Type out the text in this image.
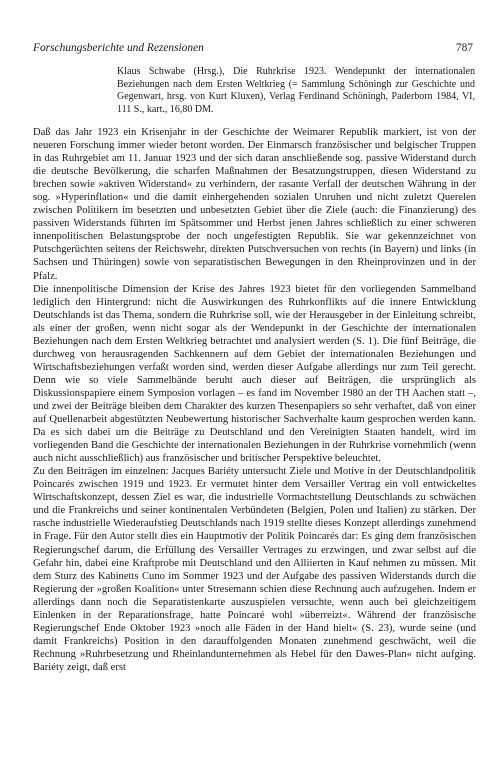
Forschungsberichte und Rezensionen	787
Klaus Schwabe (Hrsg.), Die Ruhrkrise 1923. Wendepunkt der internationalen Beziehungen nach dem Ersten Weltkrieg (= Sammlung Schöningh zur Geschichte und Gegenwart, hrsg. von Kurt Kluxen), Verlag Ferdinand Schöningh, Paderborn 1984, VI, 111 S., kart., 16,80 DM.

Daß das Jahr 1923 ein Krisenjahr in der Geschichte der Weimarer Republik markiert, ist von der neueren Forschung immer wieder betont worden. Der Einmarsch französischer und belgischer Truppen in das Ruhrgebiet am 11. Januar 1923 und der sich daran anschließende sog. passive Widerstand durch die deutsche Bevölkerung, die scharfen Maßnahmen der Besatzungstruppen, diesen Widerstand zu brechen sowie »aktiven Widerstand« zu verhindern, der rasante Verfall der deutschen Währung in der sog. »Hyperinflation« und die damit einhergehenden sozialen Unruhen und nicht zuletzt Querelen zwischen Politikern im besetzten und unbesetzten Gebiet über die Ziele (auch: die Finanzierung) des passiven Widerstands führten im Spätsommer und Herbst jenen Jahres schließlich zu einer schweren innenpolitischen Belastungsprobe der noch ungefestigten Republik. Sie war gekennzeichnet von Putschgerüchten seitens der Reichswehr, direkten Putschversuchen von rechts (in Bayern) und links (in Sachsen und Thüringen) sowie von separatistischen Bewegungen in den Rheinprovinzen und in der Pfalz.

Die innenpolitische Dimension der Krise des Jahres 1923 bietet für den vorliegenden Sammelband lediglich den Hintergrund: nicht die Auswirkungen des Ruhrkonflikts auf die innere Entwicklung Deutschlands ist das Thema, sondern die Ruhrkrise soll, wie der Herausgeber in der Einleitung schreibt, als einer der großen, wenn nicht sogar als der Wendepunkt in der Geschichte der internationalen Beziehungen nach dem Ersten Weltkrieg betrachtet und analysiert werden (S. 1). Die fünf Beiträge, die durchweg von herausragenden Sachkennern auf dem Gebiet der internationalen Beziehungen und Wirtschaftsbeziehungen verfaßt worden sind, werden dieser Aufgabe allerdings nur zum Teil gerecht. Denn wie so viele Sammelbände beruht auch dieser auf Beiträgen, die ursprünglich als Diskussionspapiere einem Symposion vorlagen – es fand im November 1980 an der TH Aachen statt –, und zwei der Beiträge bleiben dem Charakter des kurzen Thesenpapiers so sehr verhaftet, daß von einer auf Quellenarbeit abgestützten Neubewertung historischer Sachverhalte kaum gesprochen werden kann. Da es sich dabei um die Beiträge zu Deutschland und den Vereinigten Staaten handelt, wird im vorliegenden Band die Geschichte der internationalen Beziehungen in der Ruhrkrise vornehmlich (wenn auch nicht ausschließlich) aus französischer und britischer Perspektive beleuchtet.

Zu den Beiträgen im einzelnen: Jacques Bariéty untersucht Ziele und Motive in der Deutschlandpolitik Poincarés zwischen 1919 und 1923. Er vermutet hinter dem Versailler Vertrag ein voll entwickeltes Wirtschaftskonzept, dessen Ziel es war, die industrielle Vormachtstellung Deutschlands zu schwächen und die Frankreichs und seiner kontinentalen Verbündeten (Belgien, Polen und Italien) zu stärken. Der rasche industrielle Wiederaufstieg Deutschlands nach 1919 stellte dieses Konzept allerdings zunehmend in Frage. Für den Autor stellt dies ein Hauptmotiv der Politik Poincarés dar: Es ging dem französischen Regierungschef darum, die Erfüllung des Versailler Vertrages zu erzwingen, und zwar selbst auf die Gefahr hin, dabei eine Kraftprobe mit Deutschland und den Alliierten in Kauf nehmen zu müssen. Mit dem Sturz des Kabinetts Cuno im Sommer 1923 und der Aufgabe des passiven Widerstands durch die Regierung der »großen Koalition« unter Stresemann schien diese Rechnung auch aufzugehen. Indem er allerdings dann noch die Separatistenkarte auszuspielen versuchte, wenn auch bei gleichzeitigem Einlenken in der Reparationsfrage, hatte Poincaré wohl »überreizt«. Während der französische Regierungschef Ende Oktober 1923 »noch alle Fäden in der Hand hielt« (S. 23), wurde seine (und damit Frankreichs) Position in den darauffolgenden Monaten zunehmend geschwächt, weil die Rechnung »Ruhrbesetzung und Rheinlandunternehmen als Hebel für den Dawes-Plan« nicht aufging. Bariéty zeigt, daß erst
